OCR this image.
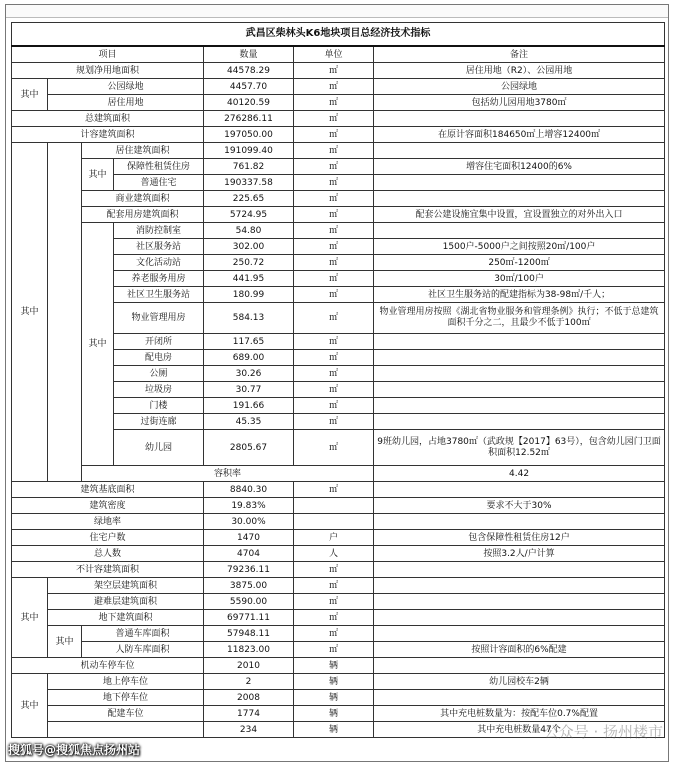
武昌区柴林头K6地块项目总经济技术指标							
项目				数量	单位	备注	
规划净用地面积				44578.29	㎡	居住用地（R2）、公园用地	
其中	公园绿地			4457.70	㎡	公园绿地	
	居住用地			40120.59	㎡	包括幼儿园用地3780㎡	
总建筑面积				276286.11	㎡		
计容建筑面积				197050.00	㎡	在原计容面积184650㎡上增容12400㎡	
其中		居住建筑面积		191099.40	㎡		
		其中	保障性租赁住房	761.82	㎡	增容住宅面积12400的6%	
			普通住宅	190337.58	㎡		
		商业建筑面积		225.65	㎡		
		配套用房建筑面积		5724.95	㎡	配套公建设施宜集中设置，宜设置独立的对外出入口	
		其中	消防控制室	54.80	㎡		
			社区服务站	302.00	㎡	1500户-5000户之间按照20㎡/100户	
			文化活动站	250.72	㎡	250㎡-1200㎡	
			养老服务用房	441.95	㎡	30㎡/100户	
			社区卫生服务站	180.99	㎡	社区卫生服务站的配建指标为38-98㎡/千人；	
			物业管理用房	584.13	㎡	物业管理用房按照《湖北省物业服务和管理条例》执行；不低于总建筑面积千分之二，且最少不低于100㎡	
			开闭所	117.65	㎡		
			配电房	689.00	㎡		
			公厕	30.26	㎡		
			垃圾房	30.77	㎡		
			门楼	191.66	㎡		
			过街连廊	45.35	㎡		
			幼儿园	2805.67	㎡	9班幼儿园，占地3780㎡（武政规【2017】63号），包含幼儿园门卫面积面积12.52㎡	
		容积率				4.42		
建筑基底面积				8840.30	㎡		
建筑密度				19.83%		要求不大于30%	
绿地率				30.00%			
住宅户数				1470	户	包含保障性租赁住房12户	
总人数				4704	人	按照3.2人/户计算	
不计容建筑面积				79236.11	㎡		
其中	架空层建筑面积			3875.00	㎡		
	避难层建筑面积			5590.00	㎡		
	地下建筑面积			69771.11	㎡		
	其中	普通车库面积		57948.11	㎡		
		人防车库面积		11823.00	㎡	按照计容面积的6%配建	
机动车停车位				2010	辆		
其中	地上停车位			2	辆	幼儿园校车2辆	
	地下停车位			2008	辆		
	配建车位			1774	辆	其中充电桩数量为：按配车位0.7%配置	
				234	辆	其中充电桩数量47个	
搜狐号@搜狐焦点扬州站
公众号 · 扬州楼市
